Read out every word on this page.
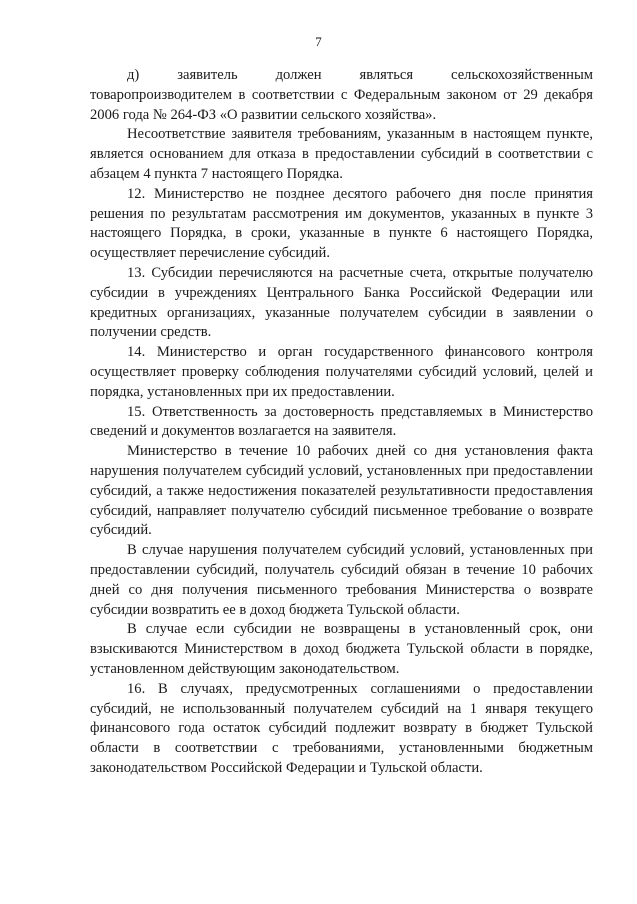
7

д) заявитель должен являться сельскохозяйственным товаропроизводителем в соответствии с Федеральным законом от 29 декабря 2006 года № 264-ФЗ «О развитии сельского хозяйства».

Несоответствие заявителя требованиям, указанным в настоящем пункте, является основанием для отказа в предоставлении субсидий в соответствии с абзацем 4 пункта 7 настоящего Порядка.

12. Министерство не позднее десятого рабочего дня после принятия решения по результатам рассмотрения им документов, указанных в пункте 3 настоящего Порядка, в сроки, указанные в пункте 6 настоящего Порядка, осуществляет перечисление субсидий.

13. Субсидии перечисляются на расчетные счета, открытые получателю субсидии в учреждениях Центрального Банка Российской Федерации или кредитных организациях, указанные получателем субсидии в заявлении о получении средств.

14. Министерство и орган государственного финансового контроля осуществляет проверку соблюдения получателями субсидий условий, целей и порядка, установленных при их предоставлении.

15. Ответственность за достоверность представляемых в Министерство сведений и документов возлагается на заявителя.

Министерство в течение 10 рабочих дней со дня установления факта нарушения получателем субсидий условий, установленных при предоставлении субсидий, а также недостижения показателей результативности предоставления субсидий, направляет получателю субсидий письменное требование о возврате субсидий.

В случае нарушения получателем субсидий условий, установленных при предоставлении субсидий, получатель субсидий обязан в течение 10 рабочих дней со дня получения письменного требования Министерства о возврате субсидии возвратить ее в доход бюджета Тульской области.

В случае если субсидии не возвращены в установленный срок, они взыскиваются Министерством в доход бюджета Тульской области в порядке, установленном действующим законодательством.

16. В случаях, предусмотренных соглашениями о предоставлении субсидий, не использованный получателем субсидий на 1 января текущего финансового года остаток субсидий подлежит возврату в бюджет Тульской области в соответствии с требованиями, установленными бюджетным законодательством Российской Федерации и Тульской области.
